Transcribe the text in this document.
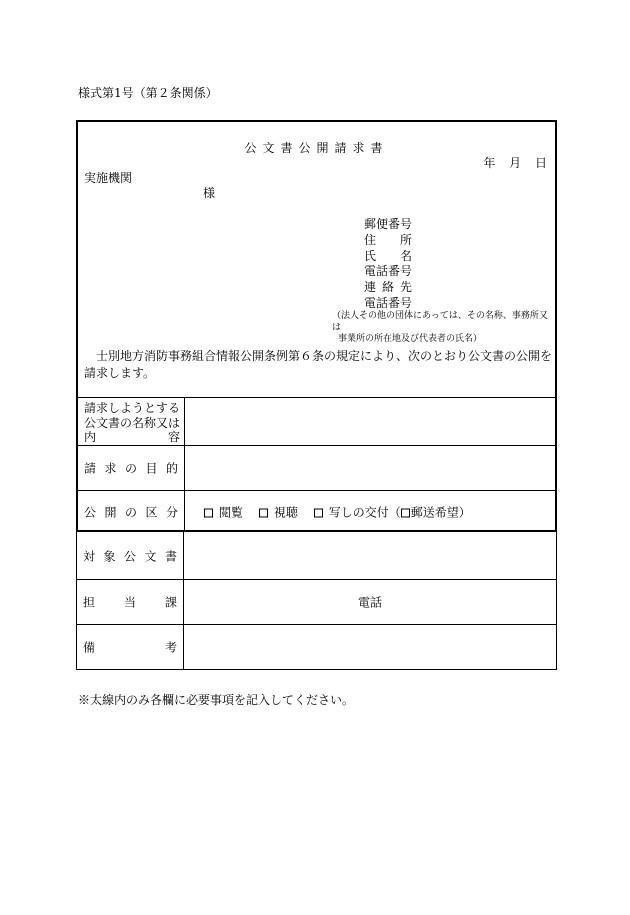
様式第1号（第２条関係）
公文書公開請求書
年 月 日
実施機関
様
郵便番号
住所
氏名
電話番号
連絡先
電話番号
（法人その他の団体にあっては、その名称、事務所又は
事業所の所在地及び代表者の氏名）
士別地方消防事務組合情報公開条例第６条の規定により、次のとおり公文書の公開を請求します。
請求しようとする
公文書の名称又は
内容
請求の目的
公開の区分	閲覧	視聴	写しの交付（ 郵送希望）
対象公文書
担当課	電話
備考
※太線内のみ各欄に必要事項を記入してください。
